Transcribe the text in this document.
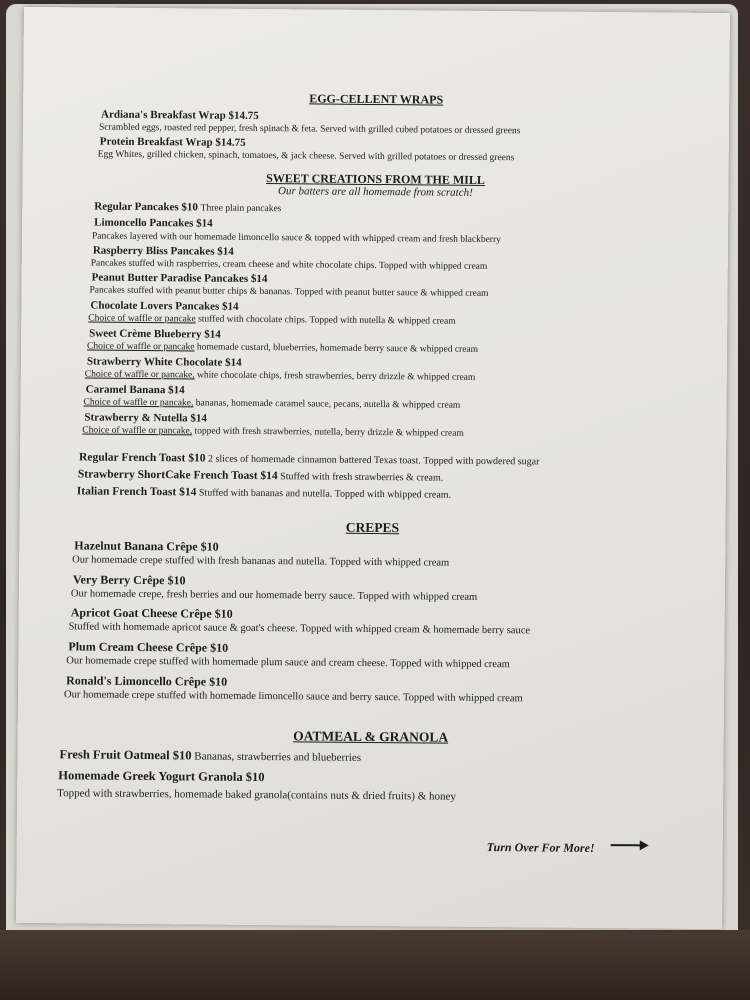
EGG-CELLENT WRAPS
Ardiana's Breakfast Wrap $14.75
Scrambled eggs, roasted red pepper, fresh spinach & feta. Served with grilled cubed potatoes or dressed greens
Protein Breakfast Wrap $14.75
Egg Whites, grilled chicken, spinach, tomatoes, & jack cheese. Served with grilled potatoes or dressed greens
SWEET CREATIONS FROM THE MILL
Our batters are all homemade from scratch!
Regular Pancakes $10 Three plain pancakes
Limoncello Pancakes $14
Pancakes layered with our homemade limoncello sauce & topped with whipped cream and fresh blackberry
Raspberry Bliss Pancakes $14
Pancakes stuffed with raspberries, cream cheese and white chocolate chips. Topped with whipped cream
Peanut Butter Paradise Pancakes $14
Pancakes stuffed with peanut butter chips & bananas. Topped with peanut butter sauce & whipped cream
Chocolate Lovers Pancakes $14
Choice of waffle or pancake stuffed with chocolate chips. Topped with nutella & whipped cream
Sweet Crème Blueberry $14
Choice of waffle or pancake homemade custard, blueberries, homemade berry sauce & whipped cream
Strawberry White Chocolate $14
Choice of waffle or pancake, white chocolate chips, fresh strawberries, berry drizzle & whipped cream
Caramel Banana $14
Choice of waffle or pancake, bananas, homemade caramel sauce, pecans, nutella & whipped cream
Strawberry & Nutella $14
Choice of waffle or pancake, topped with fresh strawberries, nutella, berry drizzle & whipped cream
Regular French Toast $10 2 slices of homemade cinnamon battered Texas toast. Topped with powdered sugar
Strawberry ShortCake French Toast $14 Stuffed with fresh strawberries & cream.
Italian French Toast $14 Stuffed with bananas and nutella. Topped with whipped cream.
CREPES
Hazelnut Banana Crêpe $10
Our homemade crepe stuffed with fresh bananas and nutella. Topped with whipped cream
Very Berry Crêpe $10
Our homemade crepe, fresh berries and our homemade berry sauce. Topped with whipped cream
Apricot Goat Cheese Crêpe $10
Stuffed with homemade apricot sauce & goat's cheese. Topped with whipped cream & homemade berry sauce
Plum Cream Cheese Crêpe $10
Our homemade crepe stuffed with homemade plum sauce and cream cheese. Topped with whipped cream
Ronald's Limoncello Crêpe $10
Our homemade crepe stuffed with homemade limoncello sauce and berry sauce. Topped with whipped cream
OATMEAL & GRANOLA
Fresh Fruit Oatmeal $10 Bananas, strawberries and blueberries
Homemade Greek Yogurt Granola $10
Topped with strawberries, homemade baked granola(contains nuts & dried fruits) & honey
Turn Over For More!
